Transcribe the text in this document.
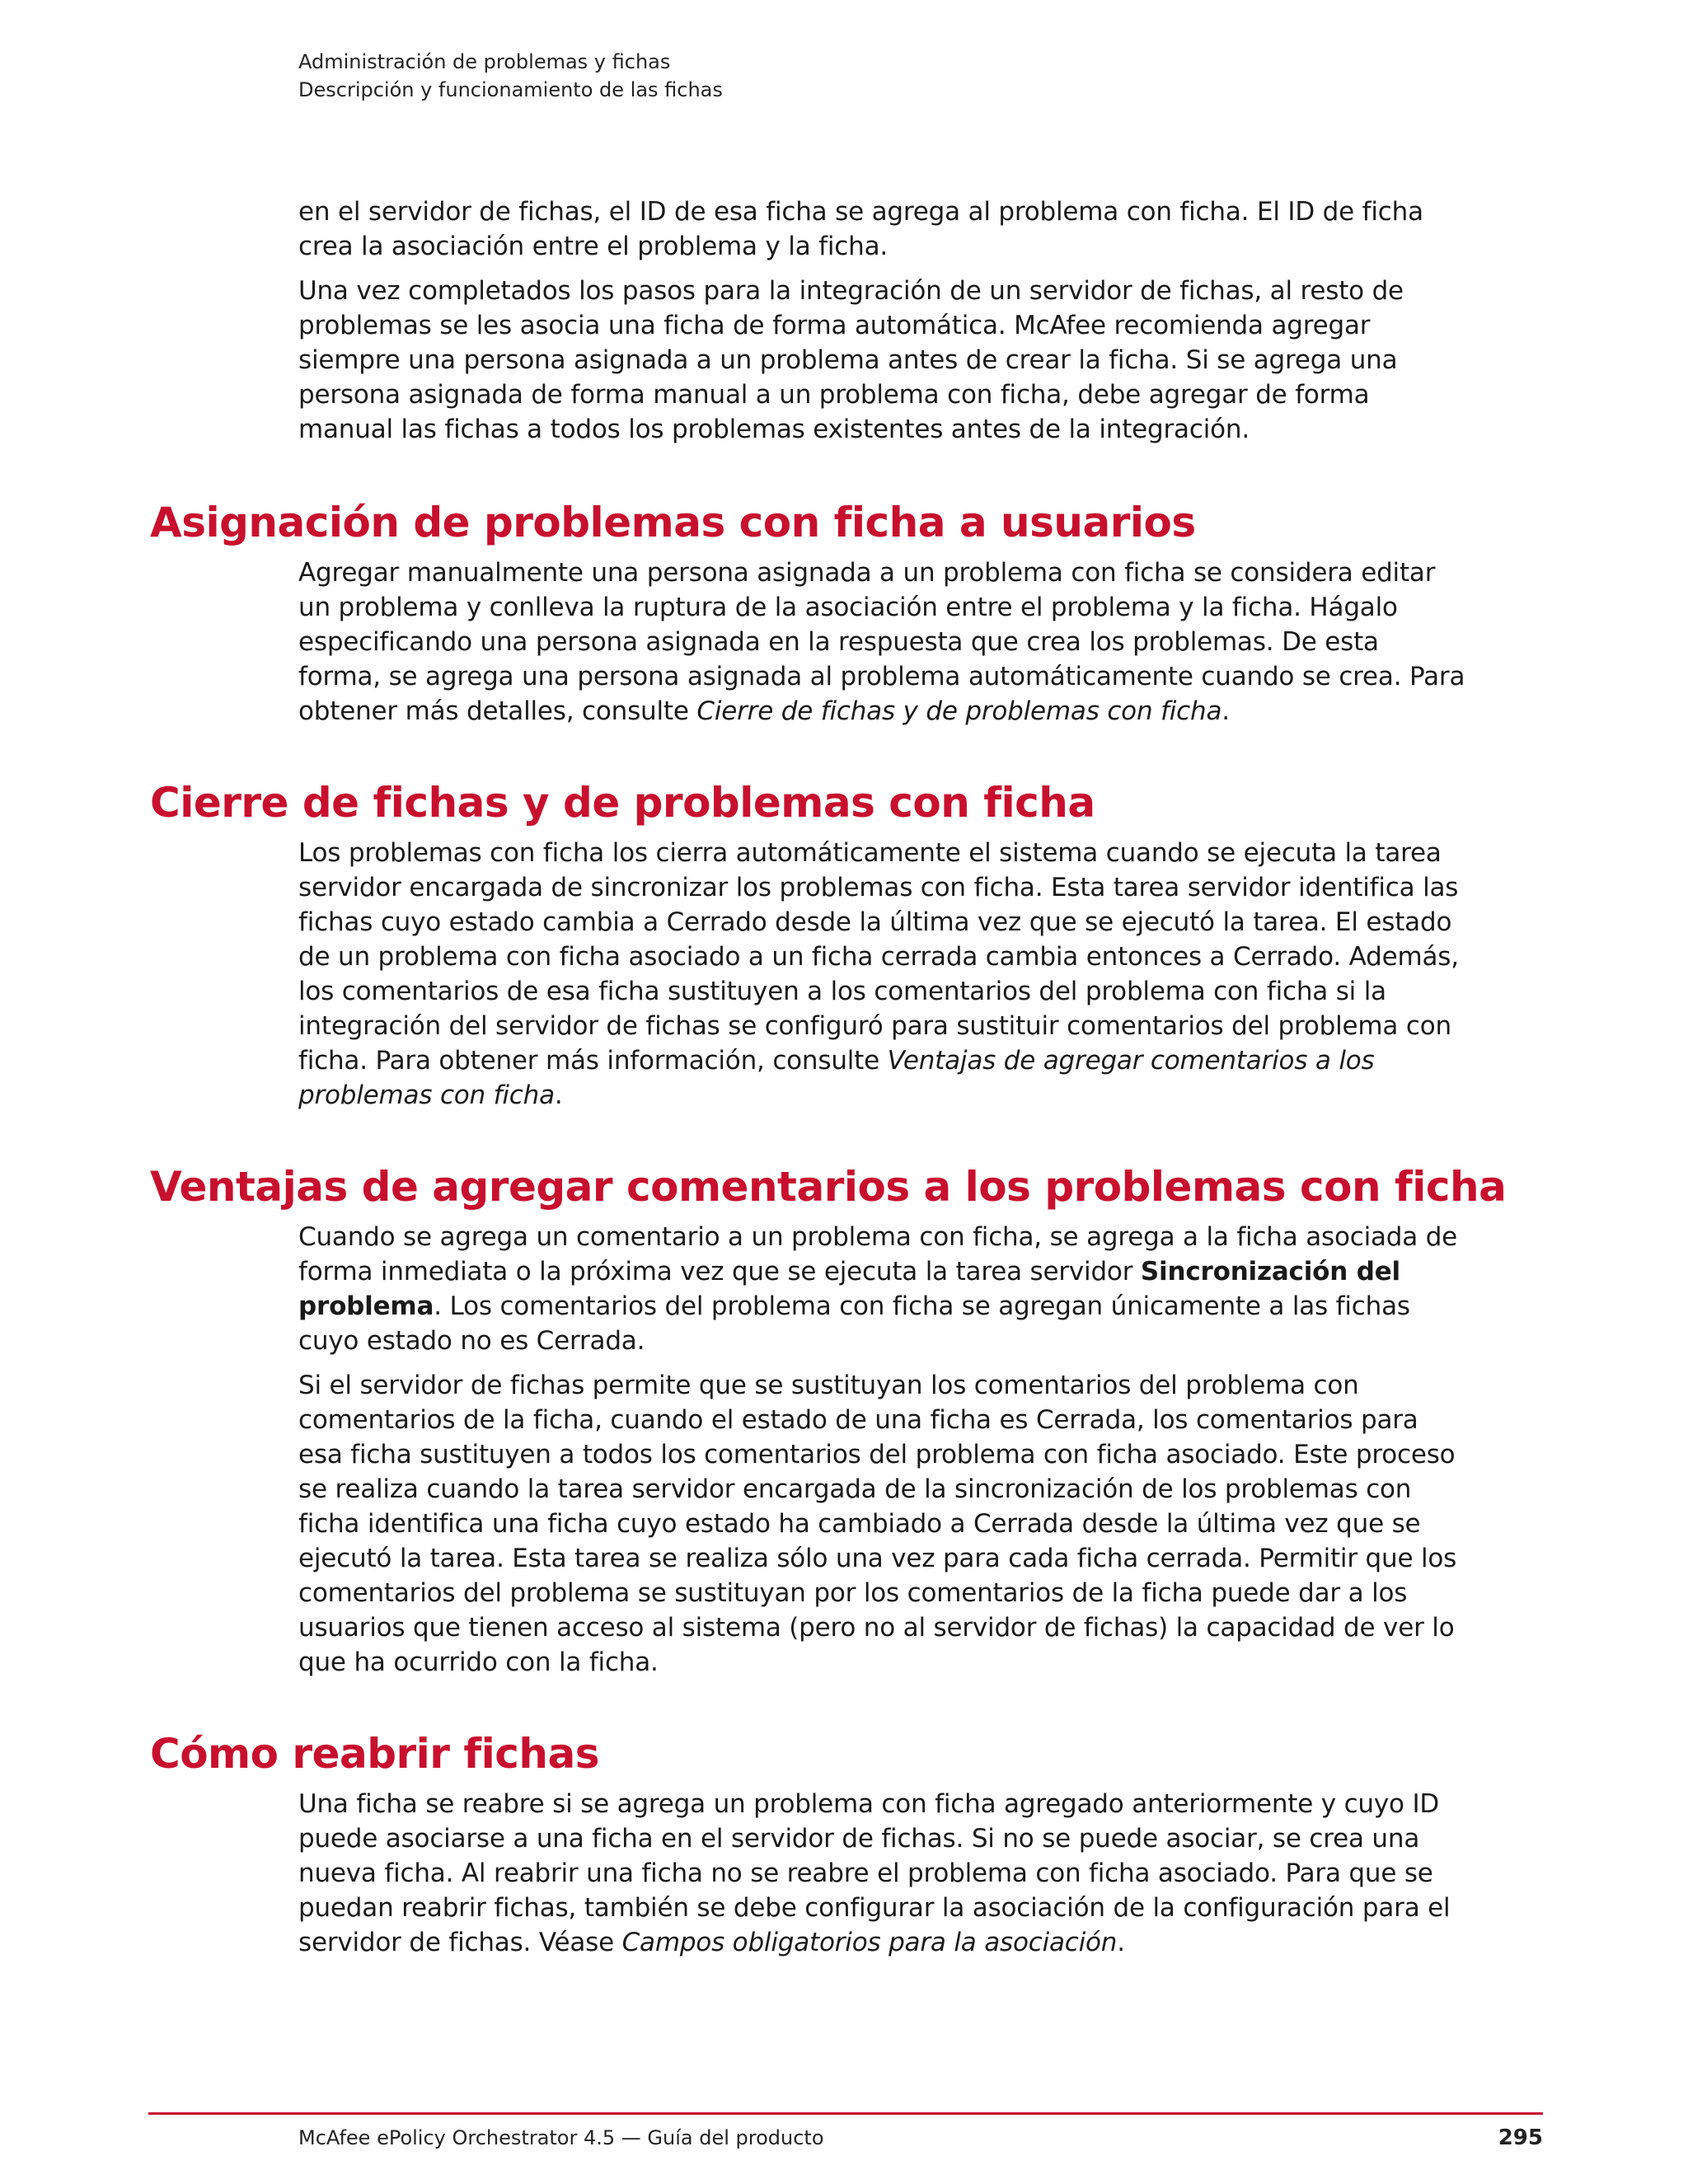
Administración de problemas y fichas
Descripción y funcionamiento de las fichas

en el servidor de fichas, el ID de esa ficha se agrega al problema con ficha. El ID de ficha crea la asociación entre el problema y la ficha.

Una vez completados los pasos para la integración de un servidor de fichas, al resto de problemas se les asocia una ficha de forma automática. McAfee recomienda agregar siempre una persona asignada a un problema antes de crear la ficha. Si se agrega una persona asignada de forma manual a un problema con ficha, debe agregar de forma manual las fichas a todos los problemas existentes antes de la integración.

Asignación de problemas con ficha a usuarios

Agregar manualmente una persona asignada a un problema con ficha se considera editar un problema y conlleva la ruptura de la asociación entre el problema y la ficha. Hágalo especificando una persona asignada en la respuesta que crea los problemas. De esta forma, se agrega una persona asignada al problema automáticamente cuando se crea. Para obtener más detalles, consulte Cierre de fichas y de problemas con ficha.

Cierre de fichas y de problemas con ficha

Los problemas con ficha los cierra automáticamente el sistema cuando se ejecuta la tarea servidor encargada de sincronizar los problemas con ficha. Esta tarea servidor identifica las fichas cuyo estado cambia a Cerrado desde la última vez que se ejecutó la tarea. El estado de un problema con ficha asociado a un ficha cerrada cambia entonces a Cerrado. Además, los comentarios de esa ficha sustituyen a los comentarios del problema con ficha si la integración del servidor de fichas se configuró para sustituir comentarios del problema con ficha. Para obtener más información, consulte Ventajas de agregar comentarios a los problemas con ficha.

Ventajas de agregar comentarios a los problemas con ficha

Cuando se agrega un comentario a un problema con ficha, se agrega a la ficha asociada de forma inmediata o la próxima vez que se ejecuta la tarea servidor Sincronización del problema. Los comentarios del problema con ficha se agregan únicamente a las fichas cuyo estado no es Cerrada.

Si el servidor de fichas permite que se sustituyan los comentarios del problema con comentarios de la ficha, cuando el estado de una ficha es Cerrada, los comentarios para esa ficha sustituyen a todos los comentarios del problema con ficha asociado. Este proceso se realiza cuando la tarea servidor encargada de la sincronización de los problemas con ficha identifica una ficha cuyo estado ha cambiado a Cerrada desde la última vez que se ejecutó la tarea. Esta tarea se realiza sólo una vez para cada ficha cerrada. Permitir que los comentarios del problema se sustituyan por los comentarios de la ficha puede dar a los usuarios que tienen acceso al sistema (pero no al servidor de fichas) la capacidad de ver lo que ha ocurrido con la ficha.

Cómo reabrir fichas

Una ficha se reabre si se agrega un problema con ficha agregado anteriormente y cuyo ID puede asociarse a una ficha en el servidor de fichas. Si no se puede asociar, se crea una nueva ficha. Al reabrir una ficha no se reabre el problema con ficha asociado. Para que se puedan reabrir fichas, también se debe configurar la asociación de la configuración para el servidor de fichas. Véase Campos obligatorios para la asociación.

McAfee ePolicy Orchestrator 4.5 — Guía del producto	295
